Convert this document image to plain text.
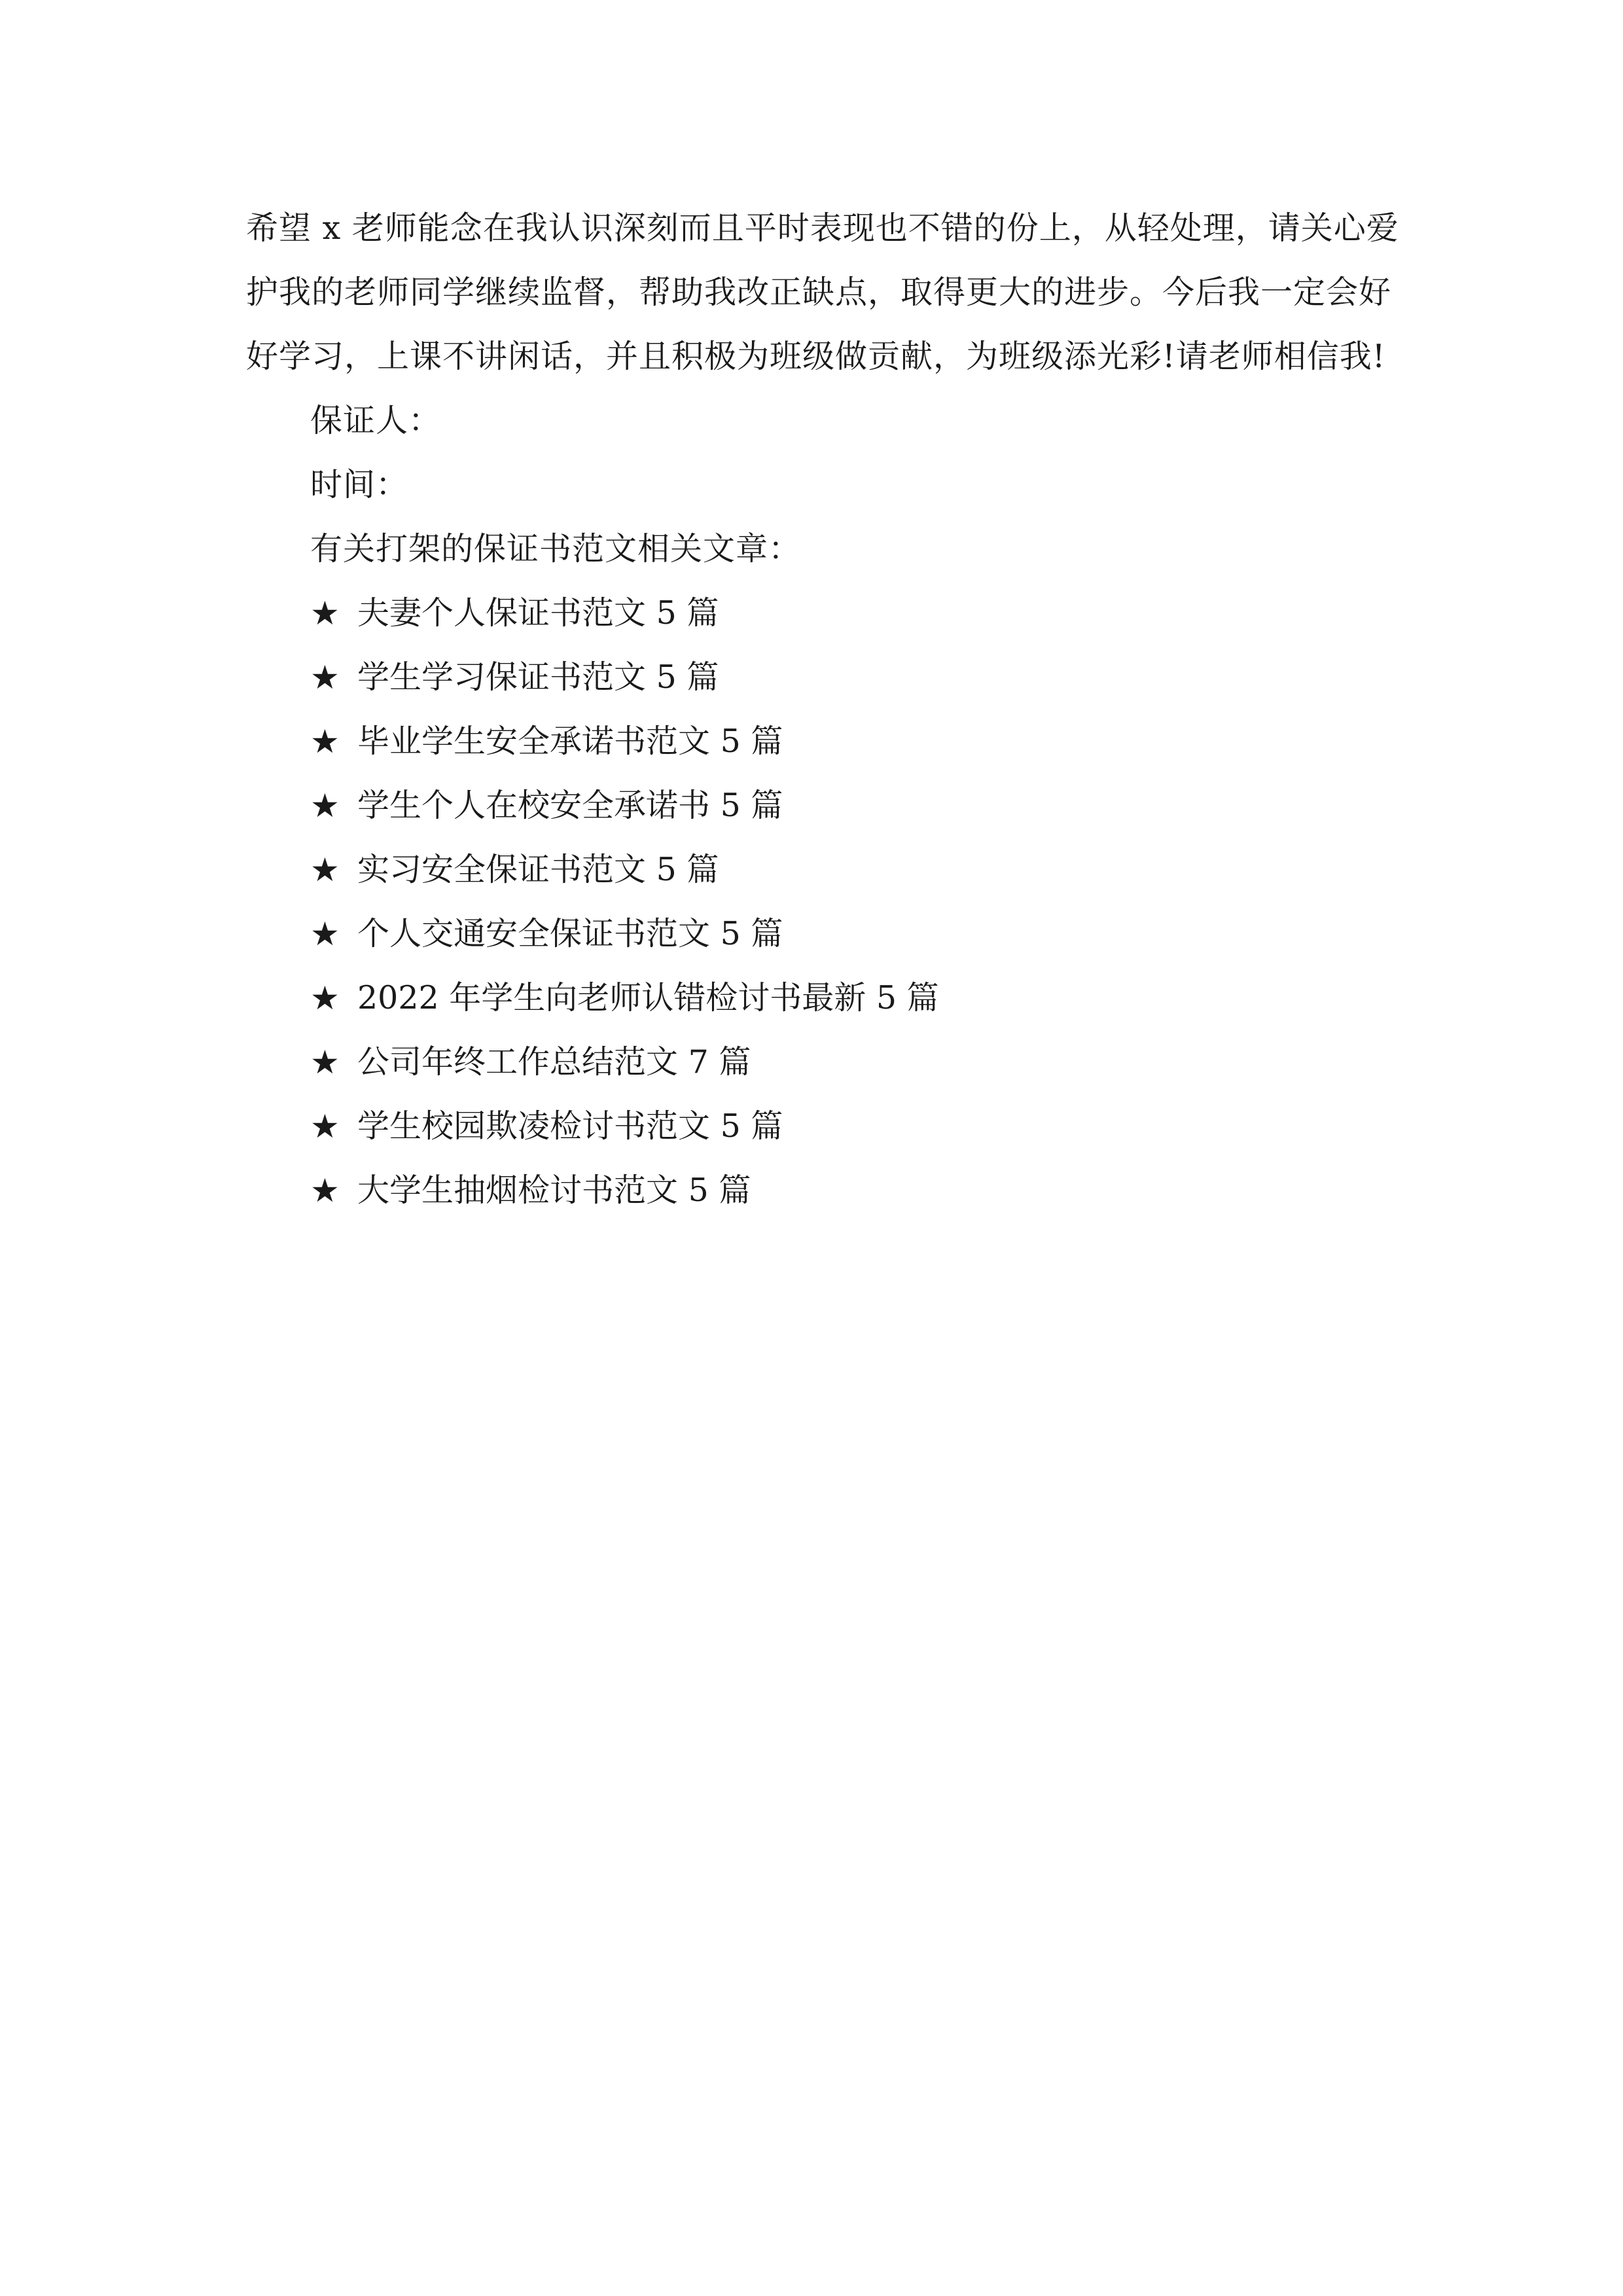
希望 x 老师能念在我认识深刻而且平时表现也不错的份上，从轻处理，请关心爱

护我的老师同学继续监督，帮助我改正缺点，取得更大的进步。今后我一定会好

好学习，上课不讲闲话，并且积极为班级做贡献，为班级添光彩!请老师相信我!

保证人：

时间：

有关打架的保证书范文相关文章：

★ 夫妻个人保证书范文 5 篇
★ 学生学习保证书范文 5 篇
★ 毕业学生安全承诺书范文 5 篇
★ 学生个人在校安全承诺书 5 篇
★ 实习安全保证书范文 5 篇
★ 个人交通安全保证书范文 5 篇
★ 2022 年学生向老师认错检讨书最新 5 篇
★ 公司年终工作总结范文 7 篇
★ 学生校园欺凌检讨书范文 5 篇
★ 大学生抽烟检讨书范文 5 篇
